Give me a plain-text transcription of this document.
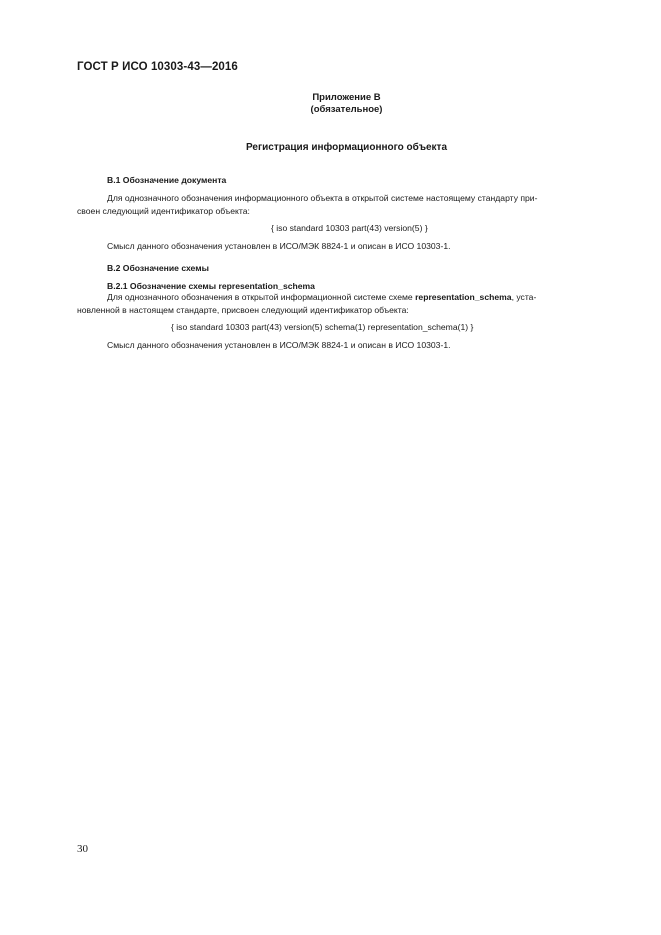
ГОСТ Р ИСО 10303-43—2016
Приложение В
(обязательное)
Регистрация информационного объекта
В.1 Обозначение документа
Для однозначного обозначения информационного объекта в открытой системе настоящему стандарту при-
своен следующий идентификатор объекта:
{ iso standard 10303 part(43) version(5) }
Смысл данного обозначения установлен в ИСО/МЭК 8824-1 и описан в ИСО 10303-1.
В.2 Обозначение схемы
В.2.1 Обозначение схемы representation_schema
Для однозначного обозначения в открытой информационной системе схеме representation_schema, уста-
новленной в настоящем стандарте, присвоен следующий идентификатор объекта:
{ iso standard 10303 part(43) version(5) schema(1) representation_schema(1) }
Смысл данного обозначения установлен в ИСО/МЭК 8824-1 и описан в ИСО 10303-1.
30
